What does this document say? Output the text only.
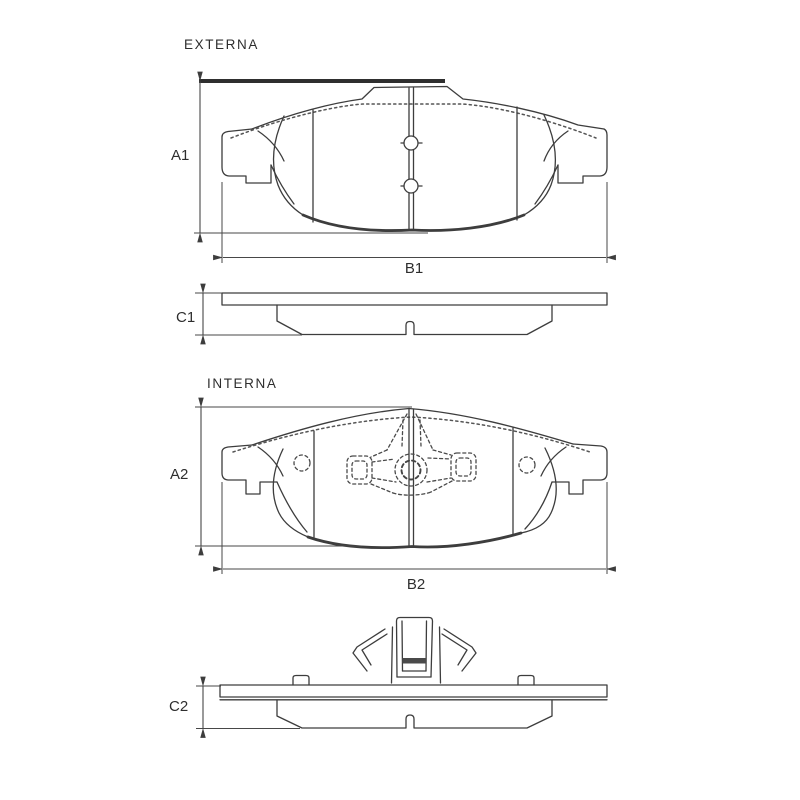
EXTERNA
A1
B1
C1
INTERNA
A2
B2
C2
